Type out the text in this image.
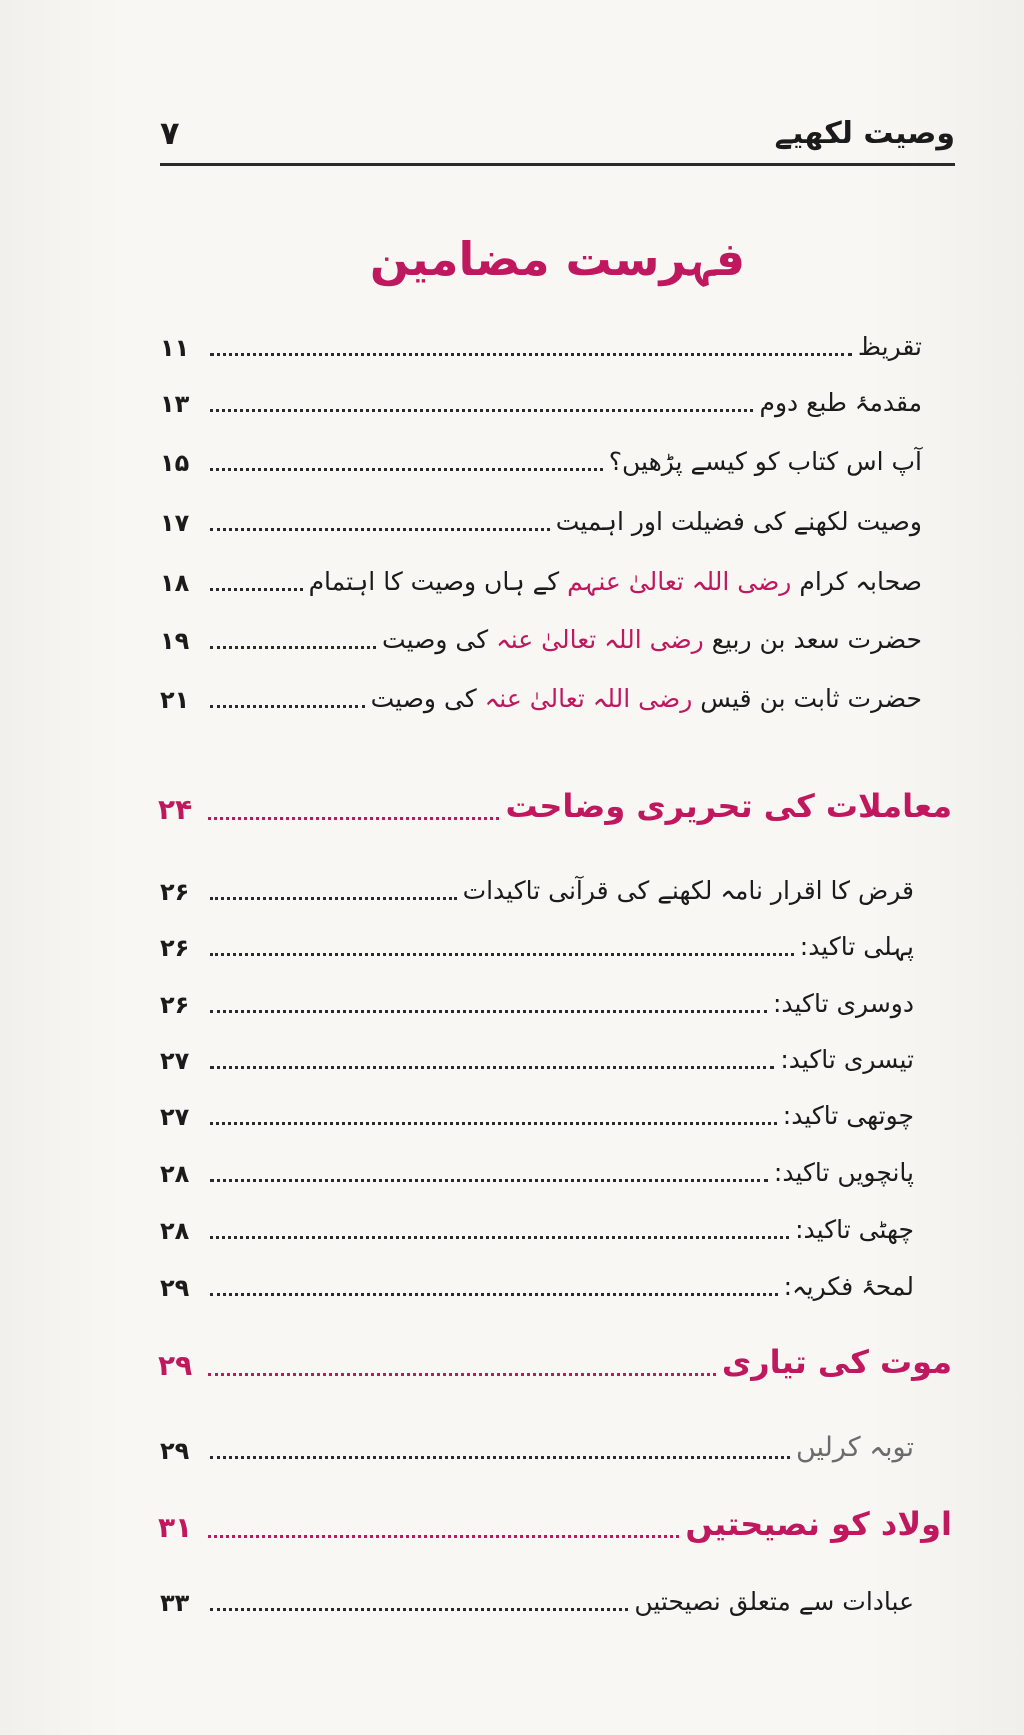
وصیت لکھیے
۷
فہرست مضامین
تقریظ
۱۱
مقدمۂ طبع دوم
۱۳
آپ اس کتاب کو کیسے پڑھیں؟
۱۵
وصیت لکھنے کی فضیلت اور اہمیت
۱۷
صحابہ کرام رضی اللہ تعالیٰ عنہم کے ہاں وصیت کا اہتمام
۱۸
حضرت سعد بن ربیع رضی اللہ تعالیٰ عنہ کی وصیت
۱۹
حضرت ثابت بن قیس رضی اللہ تعالیٰ عنہ کی وصیت
۲۱
معاملات کی تحریری وضاحت
۲۴
قرض کا اقرار نامہ لکھنے کی قرآنی تاکیدات
۲۶
پہلی تاکید:
۲۶
دوسری تاکید:
۲۶
تیسری تاکید:
۲۷
چوتھی تاکید:
۲۷
پانچویں تاکید:
۲۸
چھٹی تاکید:
۲۸
لمحۂ فکریہ:
۲۹
موت کی تیاری
۲۹
توبہ کرلیں
۲۹
اولاد کو نصیحتیں
۳۱
عبادات سے متعلق نصیحتیں
۳۳
